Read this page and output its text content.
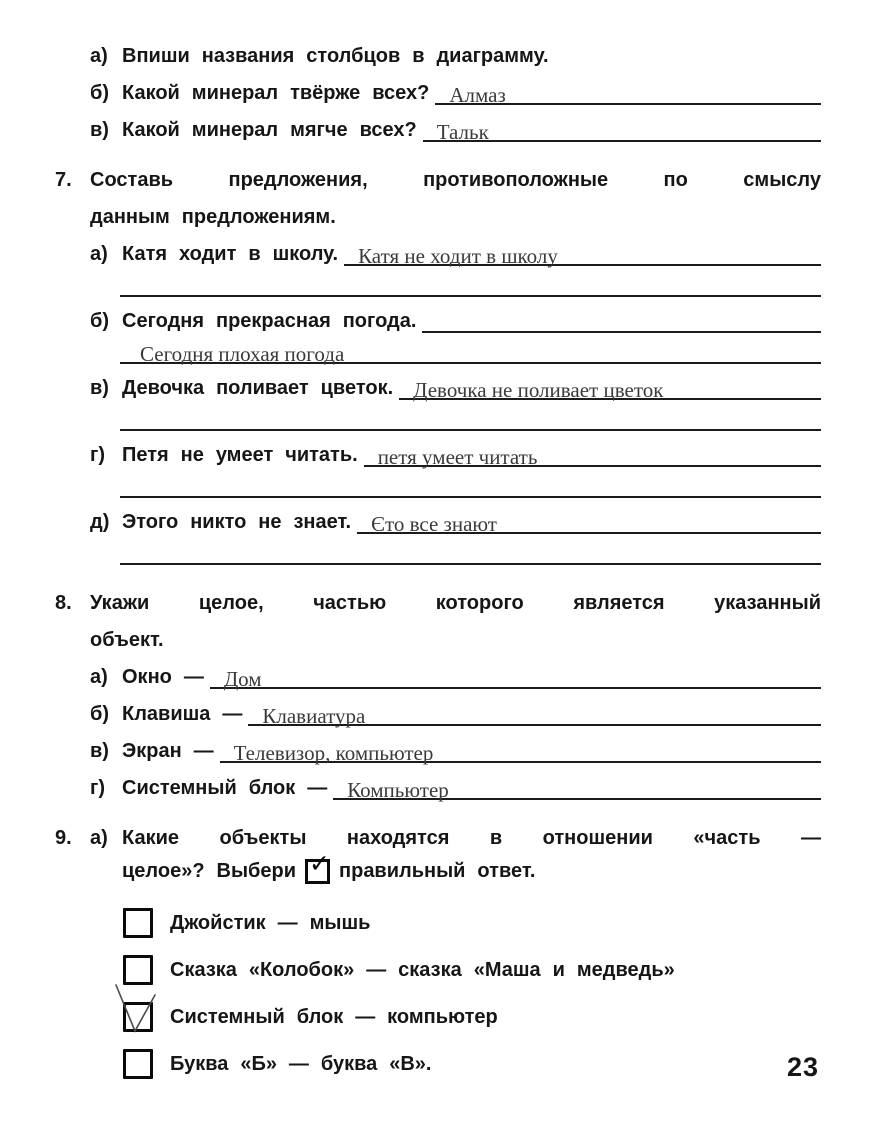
а) Впиши названия столбцов в диаграмму.
б) Какой минерал твёрже всех? Алмаз
в) Какой минерал мягче всех? Тальк
7. Составь предложения, противоположные по смыслу
данным предложениям.
а) Катя ходит в школу. Катя не ходит в школу
б) Сегодня прекрасная погода.
Сегодня плохая погода
в) Девочка поливает цветок. Девочка не поливает цветок
г) Петя не умеет читать. петя умеет читать
д) Этого никто не знает. Єто все знают
8. Укажи целое, частью которого является указанный
объект.
а) Окно — Дом
б) Клавиша — Клавиатура
в) Экран — Телевизор, компьютер
г) Системный блок — Компьютер
9. а) Какие объекты находятся в отношении «часть —
целое»? Выбери ✓ правильный ответ.
Джойстик — мышь
Сказка «Колобок» — сказка «Маша и медведь»
Системный блок — компьютер
Буква «Б» — буква «В».	23
